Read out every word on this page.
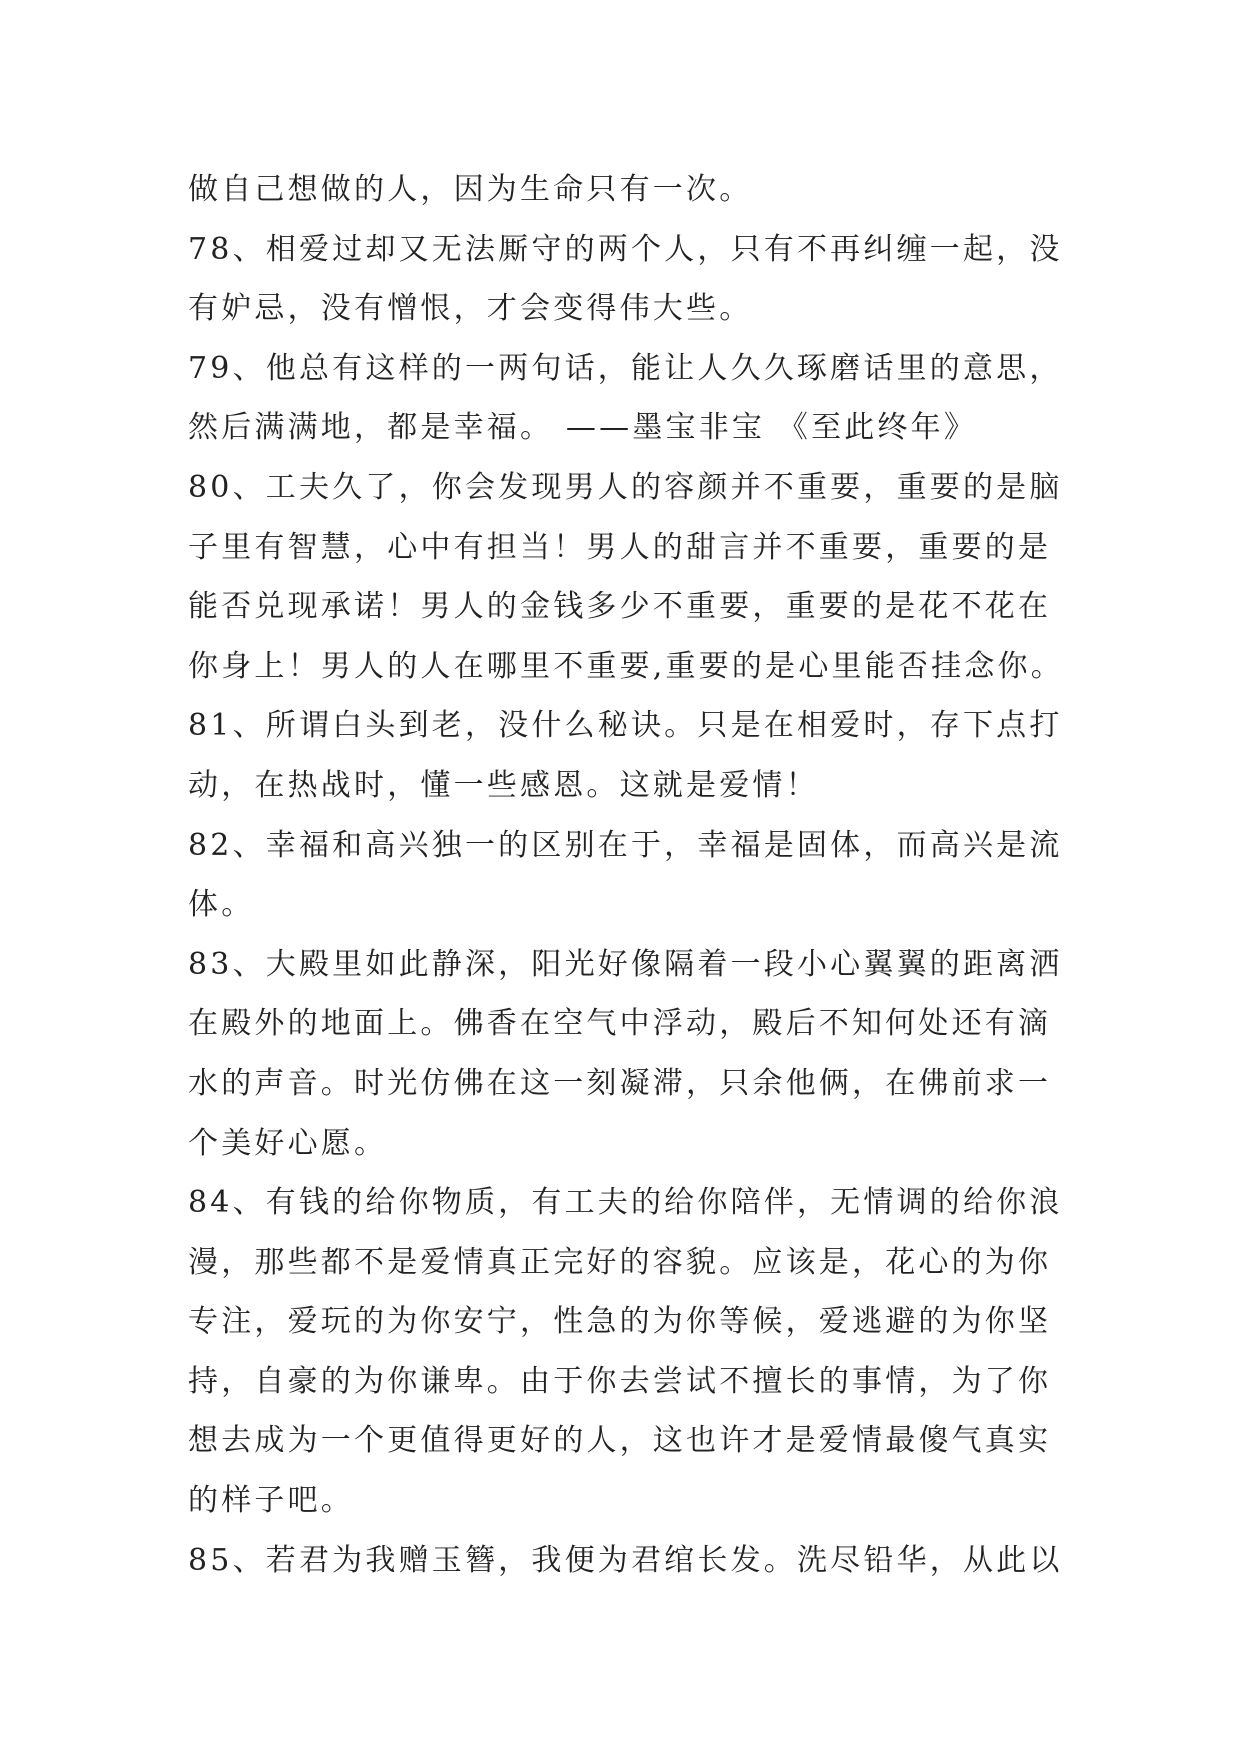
做自己想做的人，因为生命只有一次。
78、相爱过却又无法厮守的两个人，只有不再纠缠一起，没
有妒忌，没有憎恨，才会变得伟大些。
79、他总有这样的一两句话，能让人久久琢磨话里的意思，
然后满满地，都是幸福。 ——墨宝非宝 《至此终年》
80、工夫久了，你会发现男人的容颜并不重要，重要的是脑
子里有智慧，心中有担当！男人的甜言并不重要，重要的是
能否兑现承诺！男人的金钱多少不重要，重要的是花不花在
你身上！男人的人在哪里不重要,重要的是心里能否挂念你。
81、所谓白头到老，没什么秘诀。只是在相爱时，存下点打
动，在热战时，懂一些感恩。这就是爱情！
82、幸福和高兴独一的区别在于，幸福是固体，而高兴是流
体。
83、大殿里如此静深，阳光好像隔着一段小心翼翼的距离洒
在殿外的地面上。佛香在空气中浮动，殿后不知何处还有滴
水的声音。时光仿佛在这一刻凝滞，只余他俩，在佛前求一
个美好心愿。
84、有钱的给你物质，有工夫的给你陪伴，无情调的给你浪
漫，那些都不是爱情真正完好的容貌。应该是，花心的为你
专注，爱玩的为你安宁，性急的为你等候，爱逃避的为你坚
持，自豪的为你谦卑。由于你去尝试不擅长的事情，为了你
想去成为一个更值得更好的人，这也许才是爱情最傻气真实
的样子吧。
85、若君为我赠玉簪，我便为君绾长发。洗尽铅华，从此以
